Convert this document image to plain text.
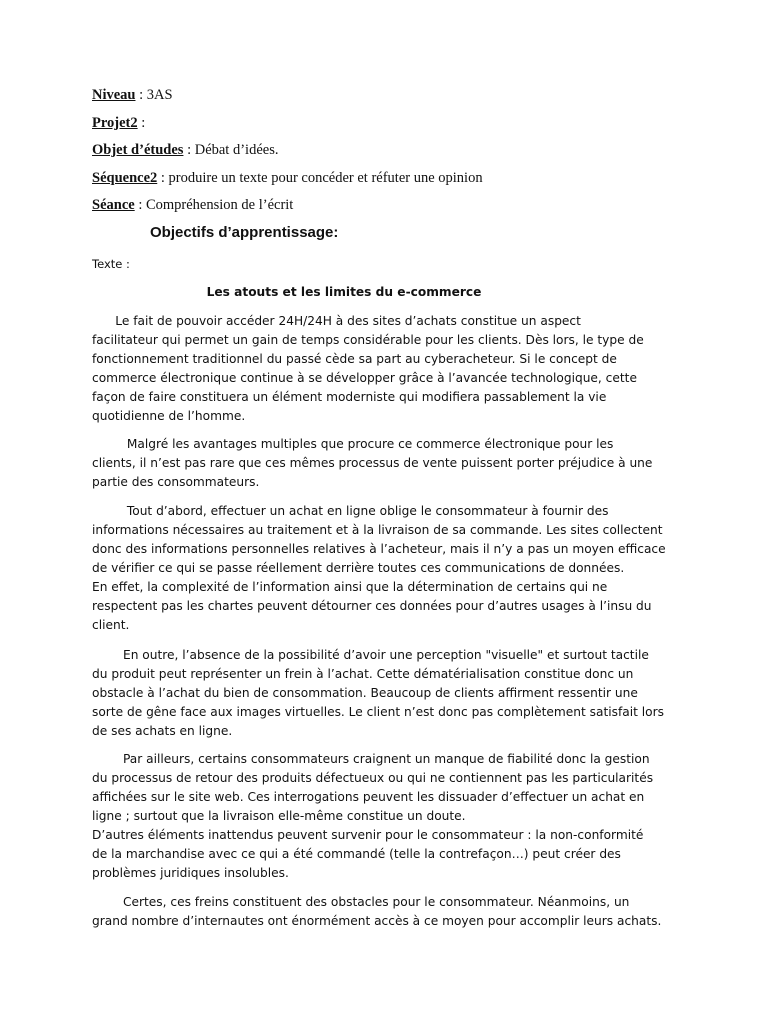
Niveau : 3AS
Projet2 :
Objet d’études : Débat d’idées.
Séquence2 : produire un texte pour concéder et réfuter une opinion
Séance : Compréhension de l’écrit
Objectifs d’apprentissage:
Texte :
Les atouts et les limites du e-commerce
Le fait de pouvoir accéder 24H/24H à des sites d’achats constitue un aspect
facilitateur qui permet un gain de temps considérable pour les clients. Dès lors, le type de
fonctionnement traditionnel du passé cède sa part au cyberacheteur. Si le concept de
commerce électronique continue à se développer grâce à l’avancée technologique, cette
façon de faire constituera un élément moderniste qui modifiera passablement la vie
quotidienne de l’homme.
Malgré les avantages multiples que procure ce commerce électronique pour les
clients, il n’est pas rare que ces mêmes processus de vente puissent porter préjudice à une
partie des consommateurs.
Tout d’abord, effectuer un achat en ligne oblige le consommateur à fournir des
informations nécessaires au traitement et à la livraison de sa commande. Les sites collectent
donc des informations personnelles relatives à l’acheteur, mais il n’y a pas un moyen efficace
de vérifier ce qui se passe réellement derrière toutes ces communications de données.
En effet, la complexité de l’information ainsi que la détermination de certains qui ne
respectent pas les chartes peuvent détourner ces données pour d’autres usages à l’insu du
client.
En outre, l’absence de la possibilité d’avoir une perception "visuelle" et surtout tactile
du produit peut représenter un frein à l’achat. Cette dématérialisation constitue donc un
obstacle à l’achat du bien de consommation. Beaucoup de clients affirment ressentir une
sorte de gêne face aux images virtuelles. Le client n’est donc pas complètement satisfait lors
de ses achats en ligne.
Par ailleurs, certains consommateurs craignent un manque de fiabilité donc la gestion
du processus de retour des produits défectueux ou qui ne contiennent pas les particularités
affichées sur le site web. Ces interrogations peuvent les dissuader d’effectuer un achat en
ligne ; surtout que la livraison elle-même constitue un doute.
D’autres éléments inattendus peuvent survenir pour le consommateur : la non-conformité
de la marchandise avec ce qui a été commandé (telle la contrefaçon…) peut créer des
problèmes juridiques insolubles.
Certes, ces freins constituent des obstacles pour le consommateur. Néanmoins, un
grand nombre d’internautes ont énormément accès à ce moyen pour accomplir leurs achats.
